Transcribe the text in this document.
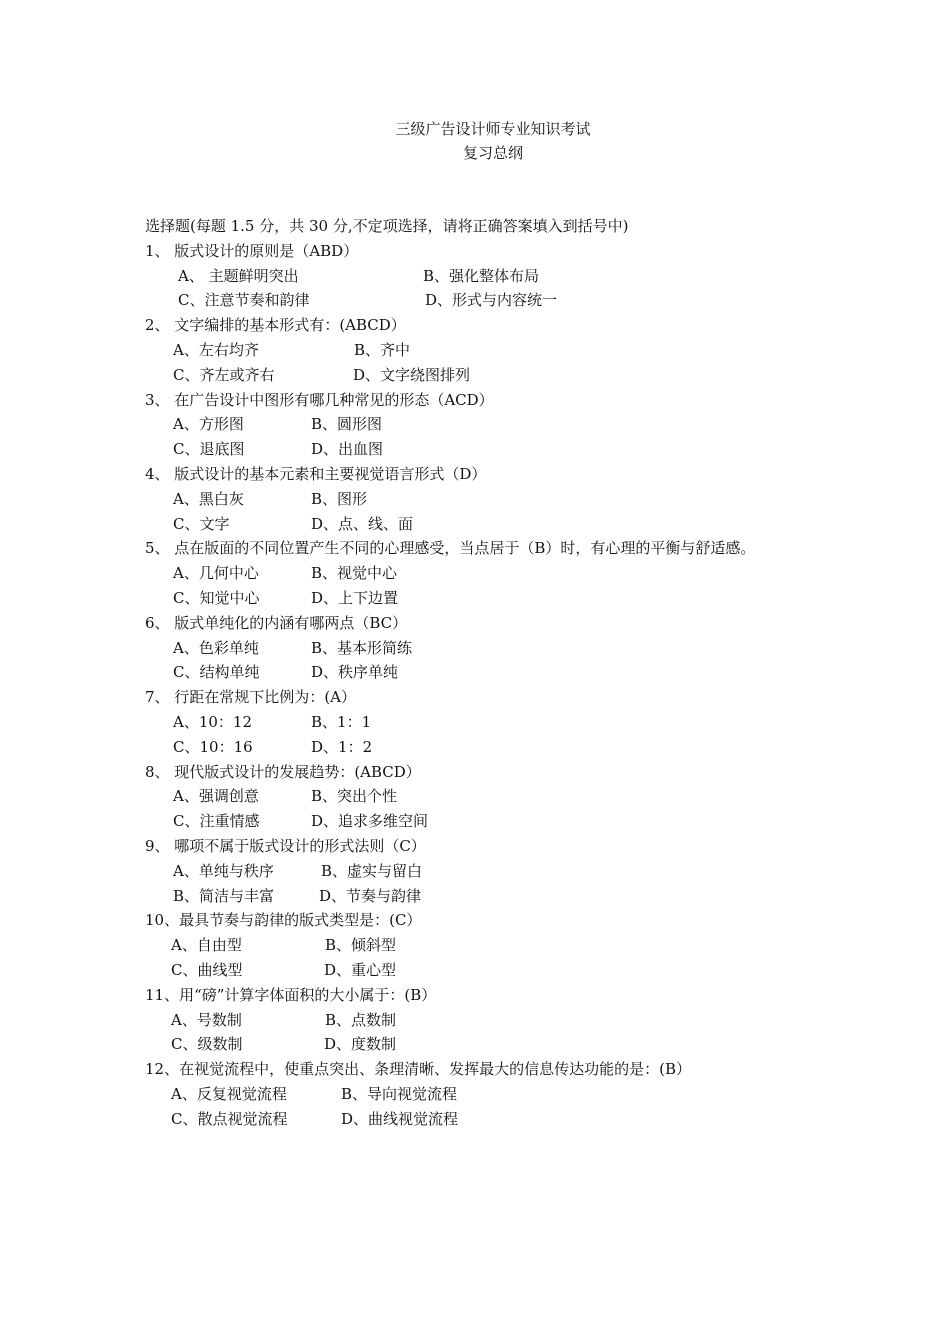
三级广告设计师专业知识考试
复习总纲
选择题(每题 1.5 分，共 30 分,不定项选择，请将正确答案填入到括号中)
1、 版式设计的原则是（ABD）
A、 主题鲜明突出	B、强化整体布局
C、注意节奏和韵律	D、形式与内容统一
2、 文字编排的基本形式有：(ABCD）
A、左右均齐	B、齐中
C、齐左或齐右	D、文字绕图排列
3、 在广告设计中图形有哪几种常见的形态（ACD）
A、方形图	B、圆形图
C、退底图	D、出血图
4、 版式设计的基本元素和主要视觉语言形式（D）
A、黑白灰	B、图形
C、文字	D、点、线、面
5、 点在版面的不同位置产生不同的心理感受，当点居于（B）时，有心理的平衡与舒适感。
A、几何中心	B、视觉中心
C、知觉中心	D、上下边置
6、 版式单纯化的内涵有哪两点（BC）
A、色彩单纯	B、基本形简练
C、结构单纯	D、秩序单纯
7、 行距在常规下比例为：(A）
A、10：12	B、1：1
C、10：16	D、1：2
8、 现代版式设计的发展趋势：(ABCD）
A、强调创意	B、突出个性
C、注重情感	D、追求多维空间
9、 哪项不属于版式设计的形式法则（C）
A、单纯与秩序	B、虚实与留白
B、简洁与丰富	D、节奏与韵律
10、最具节奏与韵律的版式类型是：(C）
A、自由型	B、倾斜型
C、曲线型	D、重心型
11、用“磅”计算字体面积的大小属于：(B）
A、号数制	B、点数制
C、级数制	D、度数制
12、在视觉流程中，使重点突出、条理清晰、发挥最大的信息传达功能的是：(B）
A、反复视觉流程	B、导向视觉流程
C、散点视觉流程	D、曲线视觉流程
